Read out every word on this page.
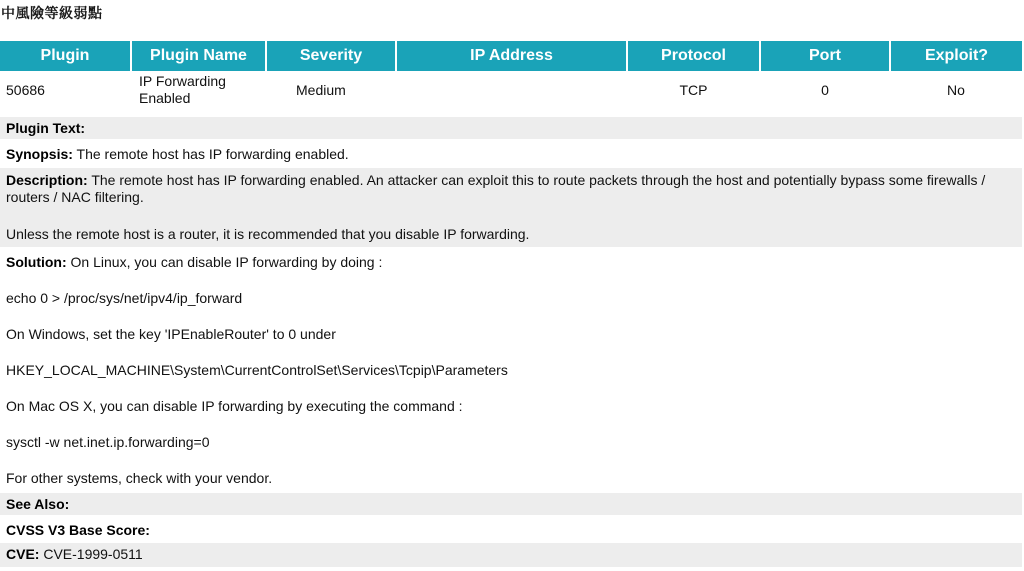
中風險等級弱點
Plugin	Plugin Name	Severity	IP Address	Protocol	Port	Exploit?
50686	IP Forwarding Enabled	Medium		TCP	0	No
Plugin Text:
Synopsis: The remote host has IP forwarding enabled.

Description: The remote host has IP forwarding enabled. An attacker can exploit this to route packets through the host and potentially bypass some firewalls / routers / NAC filtering.

Unless the remote host is a router, it is recommended that you disable IP forwarding.

Solution: On Linux, you can disable IP forwarding by doing :

echo 0 > /proc/sys/net/ipv4/ip_forward

On Windows, set the key 'IPEnableRouter' to 0 under

HKEY_LOCAL_MACHINE\System\CurrentControlSet\Services\Tcpip\Parameters

On Mac OS X, you can disable IP forwarding by executing the command :

sysctl -w net.inet.ip.forwarding=0

For other systems, check with your vendor.

See Also:
CVSS V3 Base Score:
CVE: CVE-1999-0511
